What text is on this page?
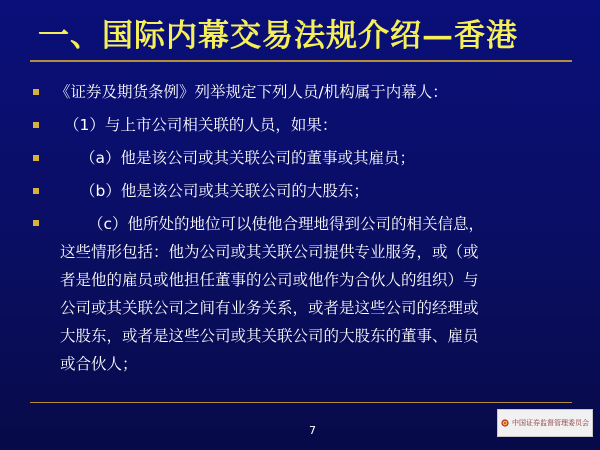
一、国际内幕交易法规介绍—香港
《证券及期货条例》列举规定下列人员/机构属于内幕人：
（1）与上市公司相关联的人员，如果：
（a）他是该公司或其关联公司的董事或其雇员；
（b）他是该公司或其关联公司的大股东；
（c）他所处的地位可以使他合理地得到公司的相关信息，
这些情形包括：他为公司或其关联公司提供专业服务，或（或
者是他的雇员或他担任董事的公司或他作为合伙人的组织）与
公司或其关联公司之间有业务关系，或者是这些公司的经理或
大股东，或者是这些公司或其关联公司的大股东的董事、雇员
或合伙人；
7
中国证券监督管理委员会
